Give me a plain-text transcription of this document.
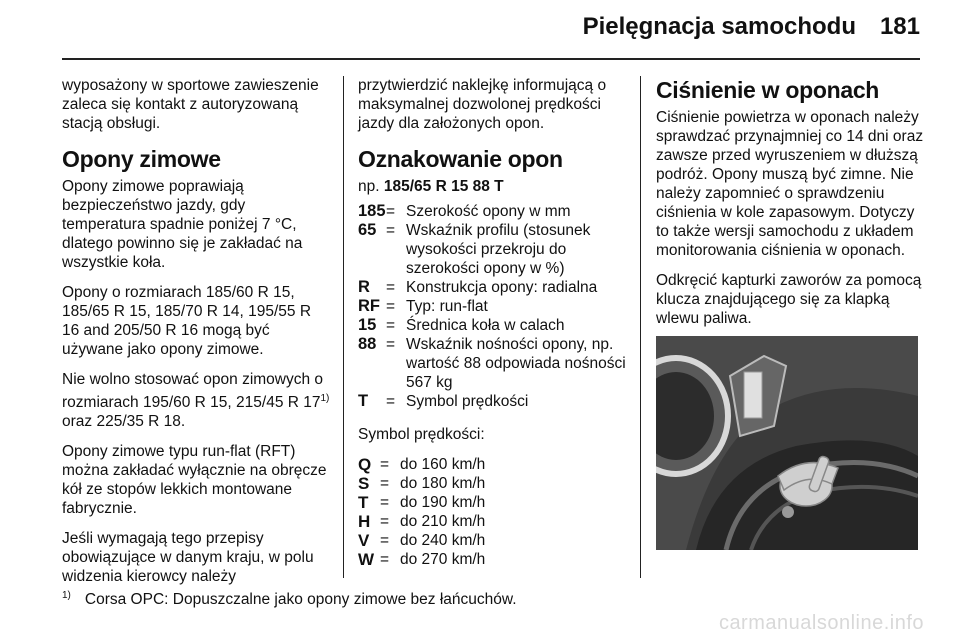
Pielęgnacja samochodu 181

wyposażony w sportowe zawieszenie zaleca się kontakt z autoryzowaną stacją obsługi.

Opony zimowe

Opony zimowe poprawiają bezpieczeństwo jazdy, gdy temperatura spadnie poniżej 7 °C, dlatego powinno się je zakładać na wszystkie koła.

Opony o rozmiarach 185/60 R 15, 185/65 R 15, 185/70 R 14, 195/55 R 16 and 205/50 R 16 mogą być używane jako opony zimowe.

Nie wolno stosować opon zimowych o rozmiarach 195/60 R 15, 215/45 R 17$^{1)}$ oraz 225/35 R 18.

Opony zimowe typu run-flat (RFT) można zakładać wyłącznie na obręcze kół ze stopów lekkich montowane fabrycznie.

Jeśli wymagają tego przepisy obowiązujące w danym kraju, w polu widzenia kierowcy należy

przytwierdzić naklejkę informującą o maksymalnej dozwolonej prędkości jazdy dla założonych opon.

Oznakowanie opon

np. 185/65 R 15 88 T

185	=	Szerokość opony w mm
65	=	Wskaźnik profilu (stosunek wysokości przekroju do szerokości opony w %)
R	=	Konstrukcja opony: radialna
RF	=	Typ: run-flat
15	=	Średnica koła w calach
88	=	Wskaźnik nośności opony, np. wartość 88 odpowiada nośności 567 kg
T	=	Symbol prędkości

Symbol prędkości:

Q	=	do 160 km/h
S	=	do 180 km/h
T	=	do 190 km/h
H	=	do 210 km/h
V	=	do 240 km/h
W	=	do 270 km/h
Ciśnienie w oponach

Ciśnienie powietrza w oponach należy sprawdzać przynajmniej co 14 dni oraz zawsze przed wyruszeniem w dłuższą podróż. Opony muszą być zimne. Nie należy zapomnieć o sprawdzeniu ciśnienia w kole zapasowym. Dotyczy to także wersji samochodu z układem monitorowania ciśnienia w oponach.

Odkręcić kapturki zaworów za pomocą klucza znajdującego się za klapką wlewu paliwa.

$^{1)}$ Corsa OPC: Dopuszczalne jako opony zimowe bez łańcuchów.
carmanualsonline.info
